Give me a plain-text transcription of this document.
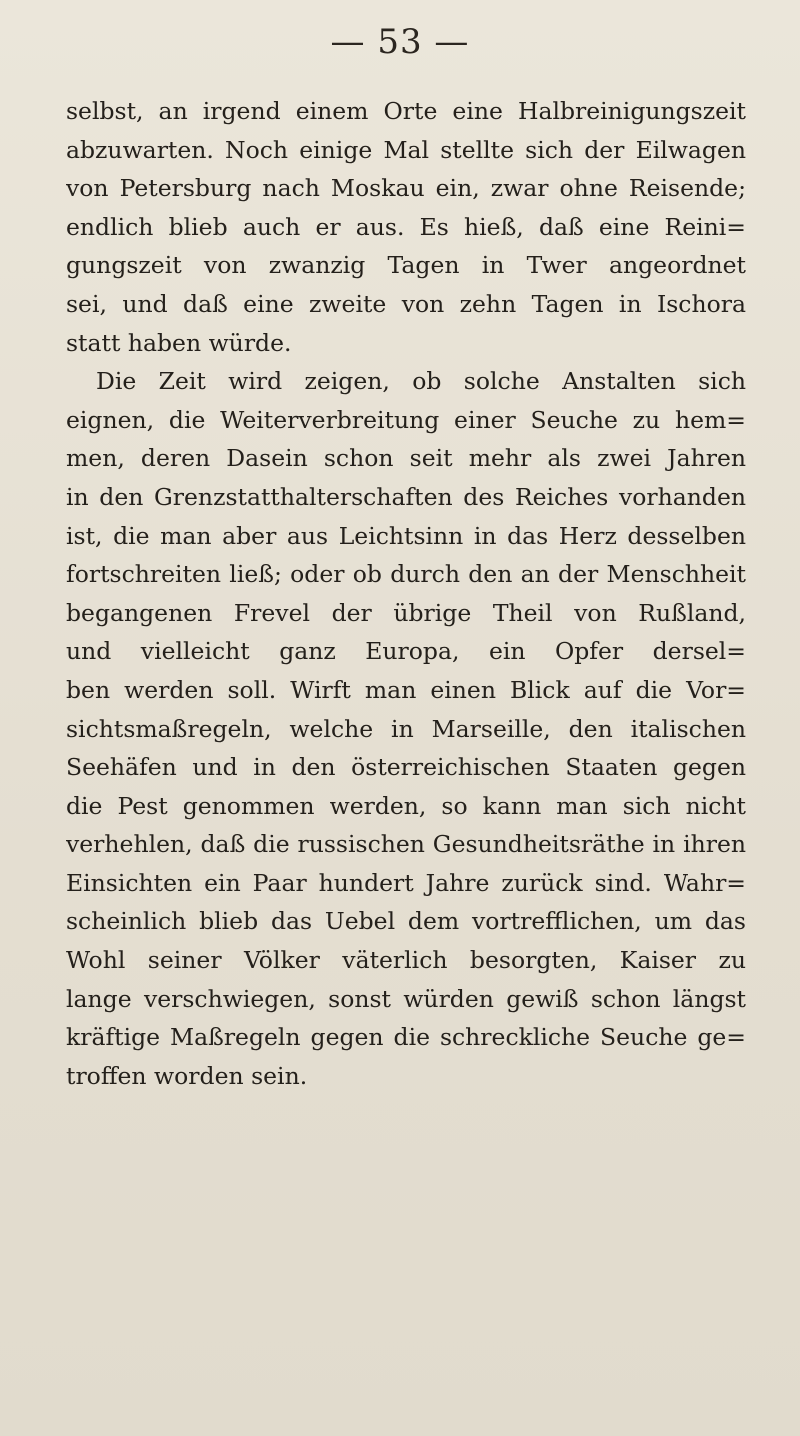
— 53 —
selbst, an irgend einem Orte eine Halbreinigungszeit
abzuwarten. Noch einige Mal stellte sich der Eilwagen
von Petersburg nach Moskau ein, zwar ohne Reisende;
endlich blieb auch er aus. Es hieß, daß eine Reini=
gungszeit von zwanzig Tagen in Twer angeordnet
sei, und daß eine zweite von zehn Tagen in Ischora
statt haben würde.
Die Zeit wird zeigen, ob solche Anstalten sich
eignen, die Weiterverbreitung einer Seuche zu hem=
men, deren Dasein schon seit mehr als zwei Jahren
in den Grenzstatthalterschaften des Reiches vorhanden
ist, die man aber aus Leichtsinn in das Herz desselben
fortschreiten ließ; oder ob durch den an der Menschheit
begangenen Frevel der übrige Theil von Rußland,
und vielleicht ganz Europa, ein Opfer dersel=
ben werden soll. Wirft man einen Blick auf die Vor=
sichtsmaßregeln, welche in Marseille, den italischen
Seehäfen und in den österreichischen Staaten gegen
die Pest genommen werden, so kann man sich nicht
verhehlen, daß die russischen Gesundheitsräthe in ihren
Einsichten ein Paar hundert Jahre zurück sind. Wahr=
scheinlich blieb das Uebel dem vortrefflichen, um das
Wohl seiner Völker väterlich besorgten, Kaiser zu
lange verschwiegen, sonst würden gewiß schon längst
kräftige Maßregeln gegen die schreckliche Seuche ge=
troffen worden sein.
